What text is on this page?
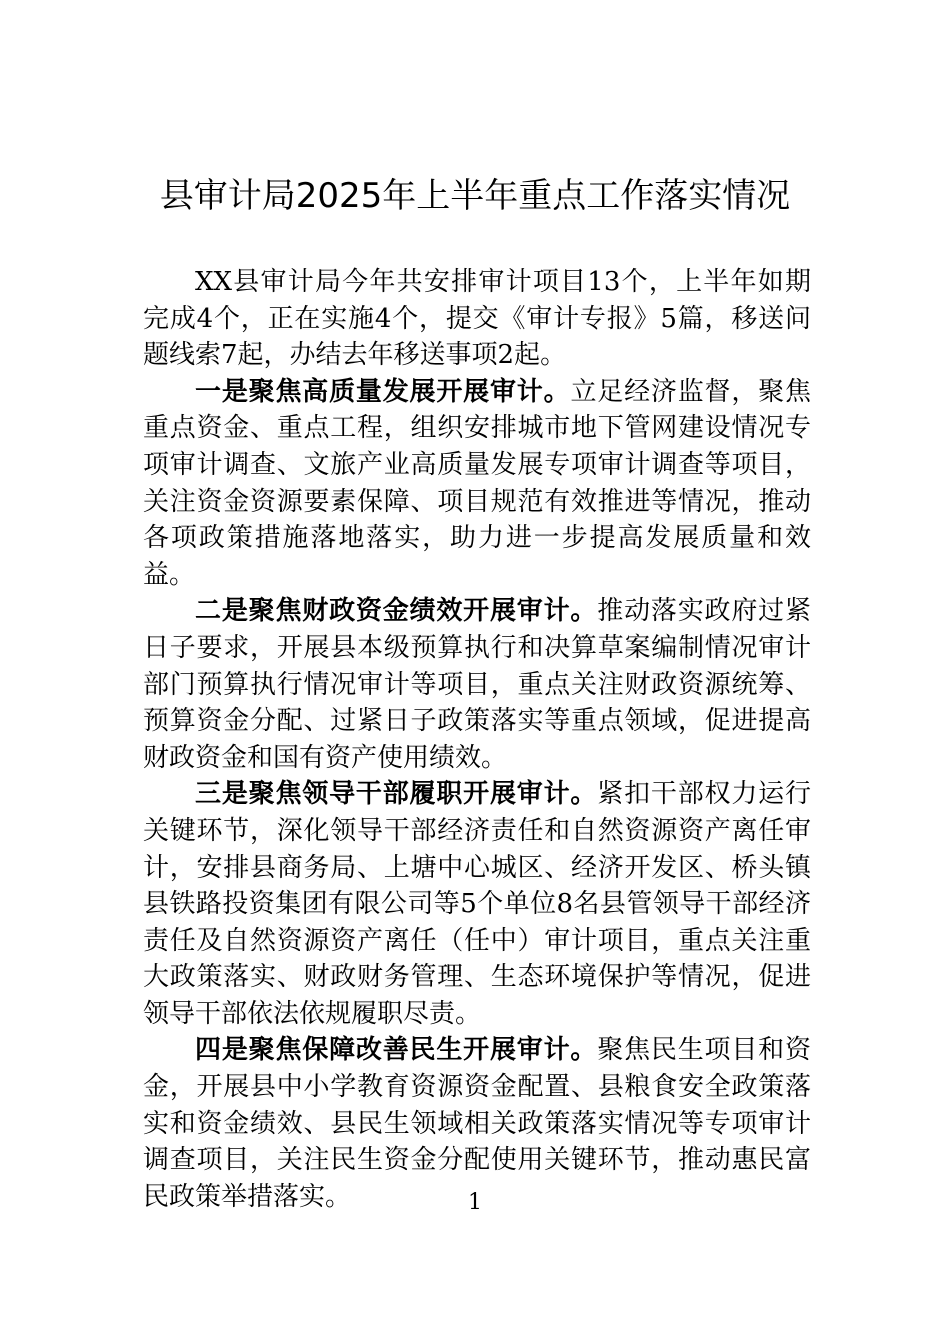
县审计局2025年上半年重点工作落实情况

XX县审计局今年共安排审计项目13个，上半年如期完成4个，正在实施4个，提交《审计专报》5篇，移送问题线索7起，办结去年移送事项2起。

一是聚焦高质量发展开展审计。立足经济监督，聚焦重点资金、重点工程，组织安排城市地下管网建设情况专项审计调查、文旅产业高质量发展专项审计调查等项目，关注资金资源要素保障、项目规范有效推进等情况，推动各项政策措施落地落实，助力进一步提高发展质量和效益。

二是聚焦财政资金绩效开展审计。推动落实政府过紧日子要求，开展县本级预算执行和决算草案编制情况审计部门预算执行情况审计等项目，重点关注财政资源统筹、预算资金分配、过紧日子政策落实等重点领域，促进提高财政资金和国有资产使用绩效。

三是聚焦领导干部履职开展审计。紧扣干部权力运行关键环节，深化领导干部经济责任和自然资源资产离任审计，安排县商务局、上塘中心城区、经济开发区、桥头镇县铁路投资集团有限公司等5个单位8名县管领导干部经济责任及自然资源资产离任（任中）审计项目，重点关注重大政策落实、财政财务管理、生态环境保护等情况，促进领导干部依法依规履职尽责。

四是聚焦保障改善民生开展审计。聚焦民生项目和资金，开展县中小学教育资源资金配置、县粮食安全政策落实和资金绩效、县民生领域相关政策落实情况等专项审计调查项目，关注民生资金分配使用关键环节，推动惠民富民政策举措落实。	1
